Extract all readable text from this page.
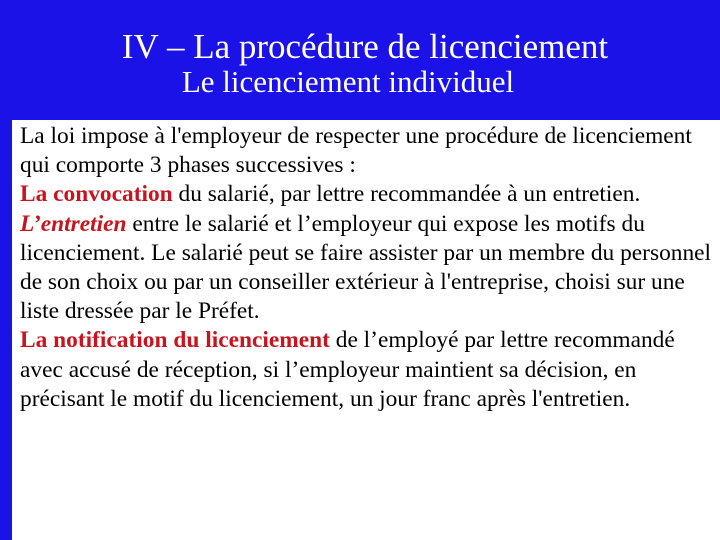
IV – La procédure de licenciement
Le licenciement individuel

La loi impose à l'employeur de respecter une procédure de licenciement qui comporte 3 phases successives :

La convocation du salarié, par lettre recommandée à un entretien.

L’entretien entre le salarié et l’employeur qui expose les motifs du licenciement. Le salarié peut se faire assister par un membre du personnel de son choix ou par un conseiller extérieur à l'entreprise, choisi sur une liste dressée par le Préfet.

La notification du licenciement de l’employé par lettre recommandé avec accusé de réception, si l’employeur maintient sa décision, en précisant le motif du licenciement, un jour franc après l'entretien.
